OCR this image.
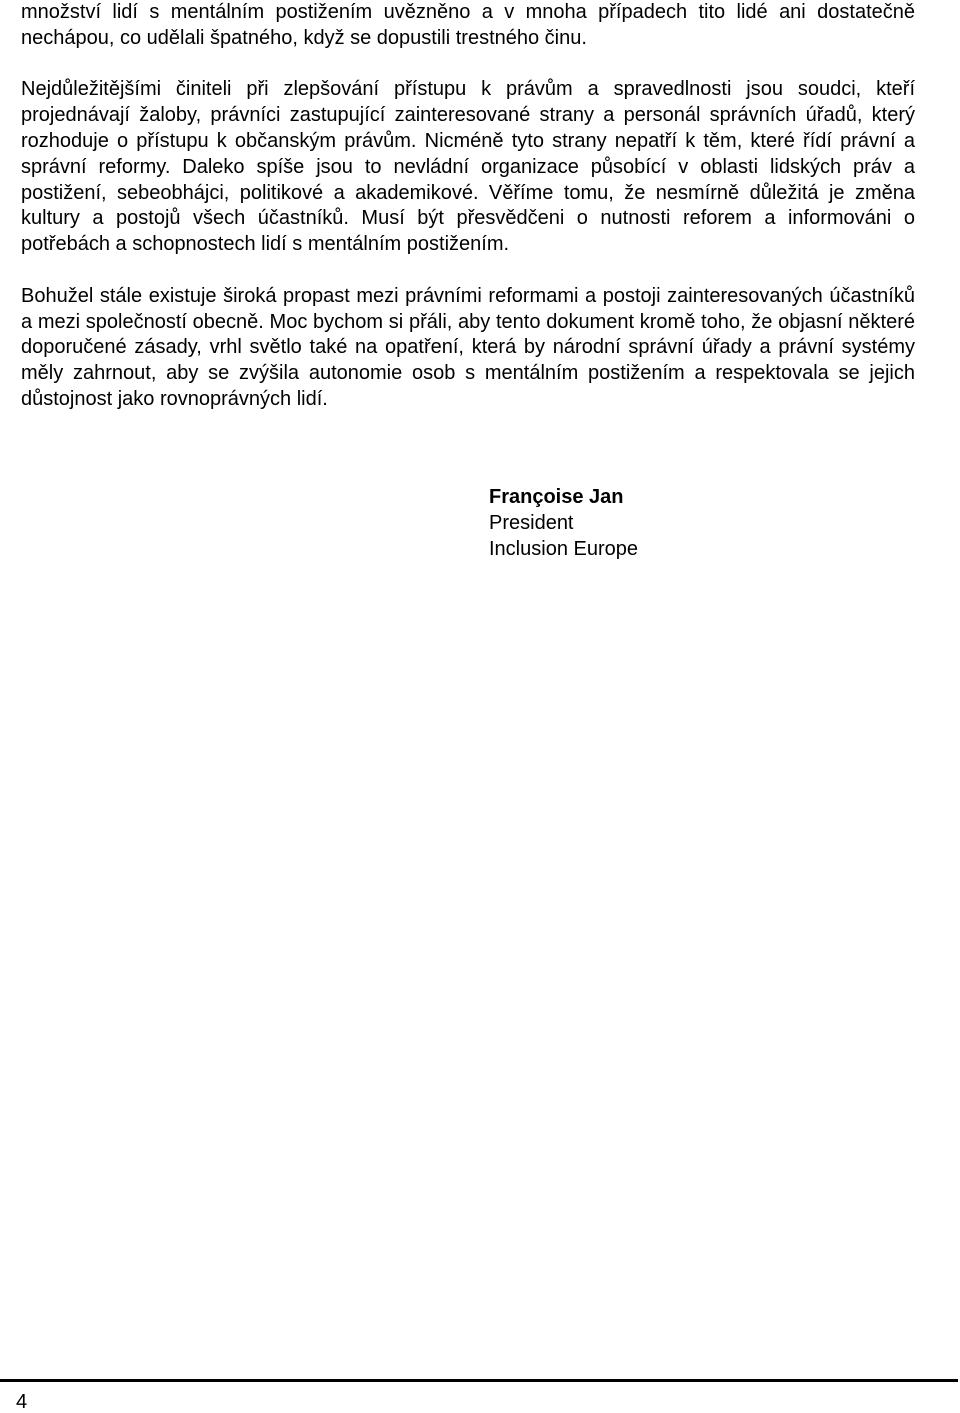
množství lidí s mentálním postižením uvězněno a v mnoha případech tito lidé ani dostatečně nechápou, co udělali špatného, když se dopustili trestného činu.

Nejdůležitějšími činiteli při zlepšování přístupu k právům a spravedlnosti jsou soudci, kteří projednávají žaloby, právníci zastupující zainteresované strany a personál správních úřadů, který rozhoduje o přístupu k občanským právům. Nicméně tyto strany nepatří k těm, které řídí právní a správní reformy. Daleko spíše jsou to nevládní organizace působící v oblasti lidských práv a postižení, sebeobhájci, politikové a akademikové. Věříme tomu, že nesmírně důležitá je změna kultury a postojů všech účastníků. Musí být přesvědčeni o nutnosti reforem a informováni o potřebách a schopnostech lidí s mentálním postižením.

Bohužel stále existuje široká propast mezi právními reformami a postoji zainteresovaných účastníků a mezi společností obecně. Moc bychom si přáli, aby tento dokument kromě toho, že objasní některé doporučené zásady, vrhl světlo také na opatření, která by národní správní úřady a právní systémy měly zahrnout, aby se zvýšila autonomie osob s mentálním postižením a respektovala se jejich důstojnost jako rovnoprávných lidí.

Françoise Jan
President
Inclusion Europe
4
